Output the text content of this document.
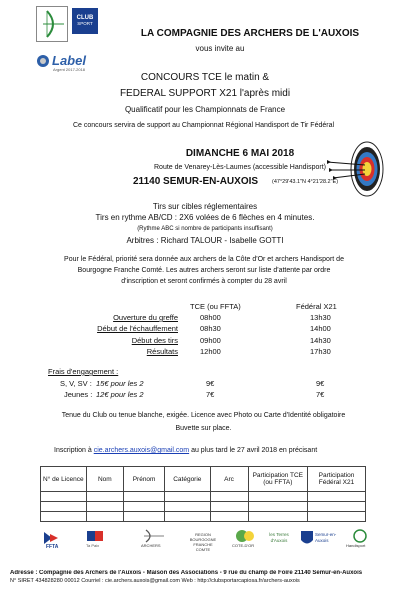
CLUB
SPORT
Label
Argent 2017-2018
LA COMPAGNIE DES ARCHERS DE L'AUXOIS
vous invite au
CONCOURS TCE le matin &
FEDERAL SUPPORT X21 l'après midi
Qualificatif pour les Championnats de France
Ce concours servira de support au Championnat Régional Handisport de Tir Fédéral
DIMANCHE 6 MAI 2018
Route de Venarey-Lès-Laumes (accessible Handisport)
21140 SEMUR-EN-AUXOIS	(47°29'43.1"N 4°21'28.2"E)
Tirs sur cibles réglementaires
Tirs en rythme AB/CD : 2X6 volées de 6 flèches en 4 minutes.
(Rythme ABC si nombre de participants insuffisant)
Arbitres : Richard TALOUR - Isabelle GOTTI
Pour le Fédéral, priorité sera donnée aux archers de la Côte d'Or et archers Handisport de
Bourgogne Franche Comté. Les autres archers seront sur liste d'attente par ordre
d'inscription et seront confirmés à compter du 28 avril
TCE (ou FFTA)	Fédéral X21
Ouverture du greffe	08h00	13h30
Début de l'échauffement	08h30	14h00
Début des tirs	09h00	14h30
Résultats	12h00	17h30
Frais d'engagement :
S, V, SV : 15€ pour les 2	9€	9€
Jeunes : 12€ pour les 2	7€	7€
Tenue du Club ou tenue blanche, exigée. Licence avec Photo ou Carte d'Identité obligatoire
Buvette sur place.
Inscription à cie.archers.auxois@gmail.com au plus tard le 27 avril 2018 en précisant
N° de Licence	Nom	Prénom	Catégorie	Arc	Participation TCE (ou FFTA)	Participation Fédéral X21

FFTA	Ta Paix	ARCHERS
REGION BOURGOGNE FRANCHE COMTE
COTE-D'OR
les Terres d'Auxois
Semur-en-Auxois
Handisport
Adresse : Compagnie des Archers de l'Auxois - Maison des Associations - 9 rue du champ de Foire 21140 Semur-en-Auxois
N° SIRET 434828280 00012 Courriel : cie.archers.auxois@gmail.com Web : http://clubsportarcapiosa.fr/archers-auxois
